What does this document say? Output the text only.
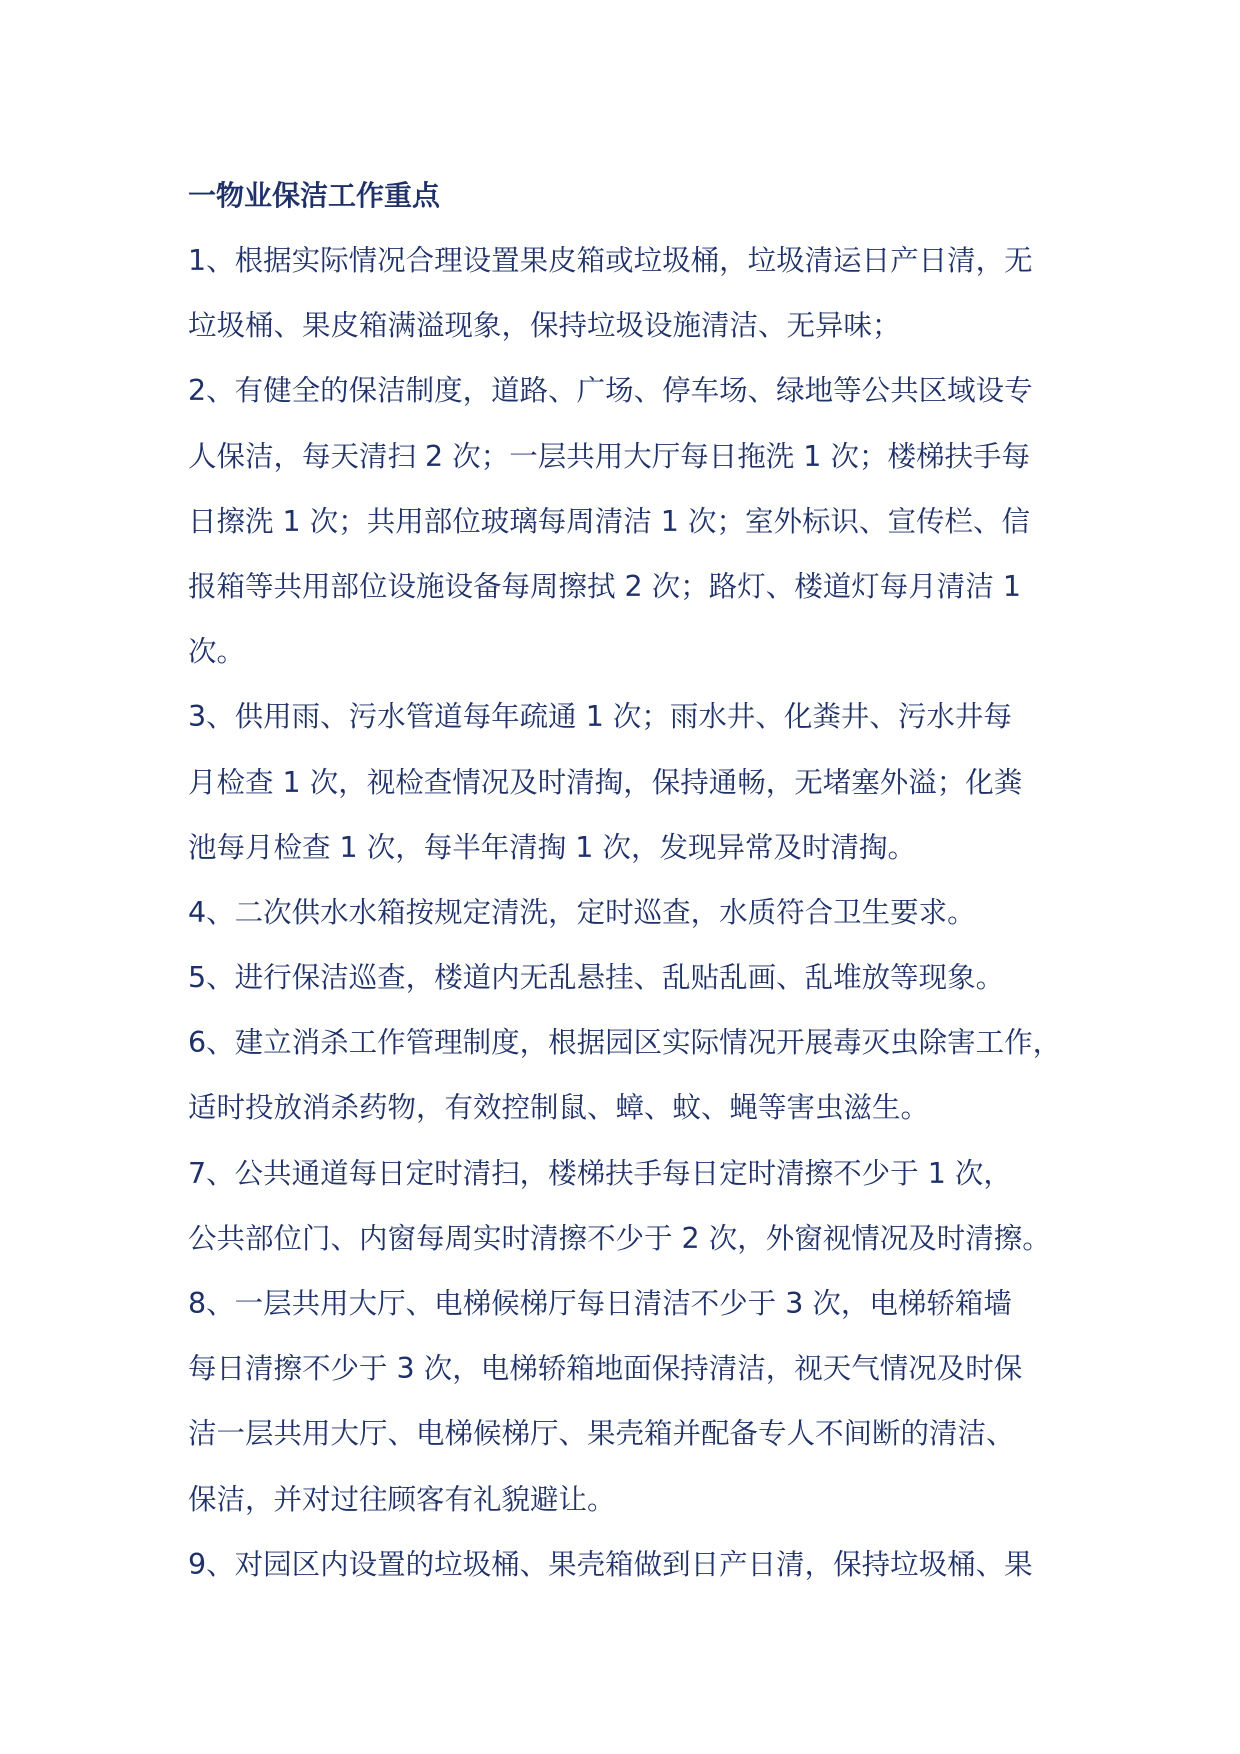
一物业保洁工作重点
1、根据实际情况合理设置果皮箱或垃圾桶，垃圾清运日产日清，无
垃圾桶、果皮箱满溢现象，保持垃圾设施清洁、无异味；
2、有健全的保洁制度，道路、广场、停车场、绿地等公共区域设专
人保洁，每天清扫 2 次；一层共用大厅每日拖洗 1 次；楼梯扶手每
日擦洗 1 次；共用部位玻璃每周清洁 1 次；室外标识、宣传栏、信
报箱等共用部位设施设备每周擦拭 2 次；路灯、楼道灯每月清洁 1
次。
3、供用雨、污水管道每年疏通 1 次；雨水井、化粪井、污水井每
月检查 1 次，视检查情况及时清掏，保持通畅，无堵塞外溢；化粪
池每月检查 1 次，每半年清掏 1 次，发现异常及时清掏。
4、二次供水水箱按规定清洗，定时巡查，水质符合卫生要求。
5、进行保洁巡查，楼道内无乱悬挂、乱贴乱画、乱堆放等现象。
6、建立消杀工作管理制度，根据园区实际情况开展毒灭虫除害工作，
适时投放消杀药物，有效控制鼠、蟑、蚊、蝇等害虫滋生。
7、公共通道每日定时清扫，楼梯扶手每日定时清擦不少于 1 次，
公共部位门、内窗每周实时清擦不少于 2 次，外窗视情况及时清擦。
8、一层共用大厅、电梯候梯厅每日清洁不少于 3 次，电梯轿箱墙
每日清擦不少于 3 次，电梯轿箱地面保持清洁，视天气情况及时保
洁一层共用大厅、电梯候梯厅、果壳箱并配备专人不间断的清洁、
保洁，并对过往顾客有礼貌避让。
9、对园区内设置的垃圾桶、果壳箱做到日产日清，保持垃圾桶、果
